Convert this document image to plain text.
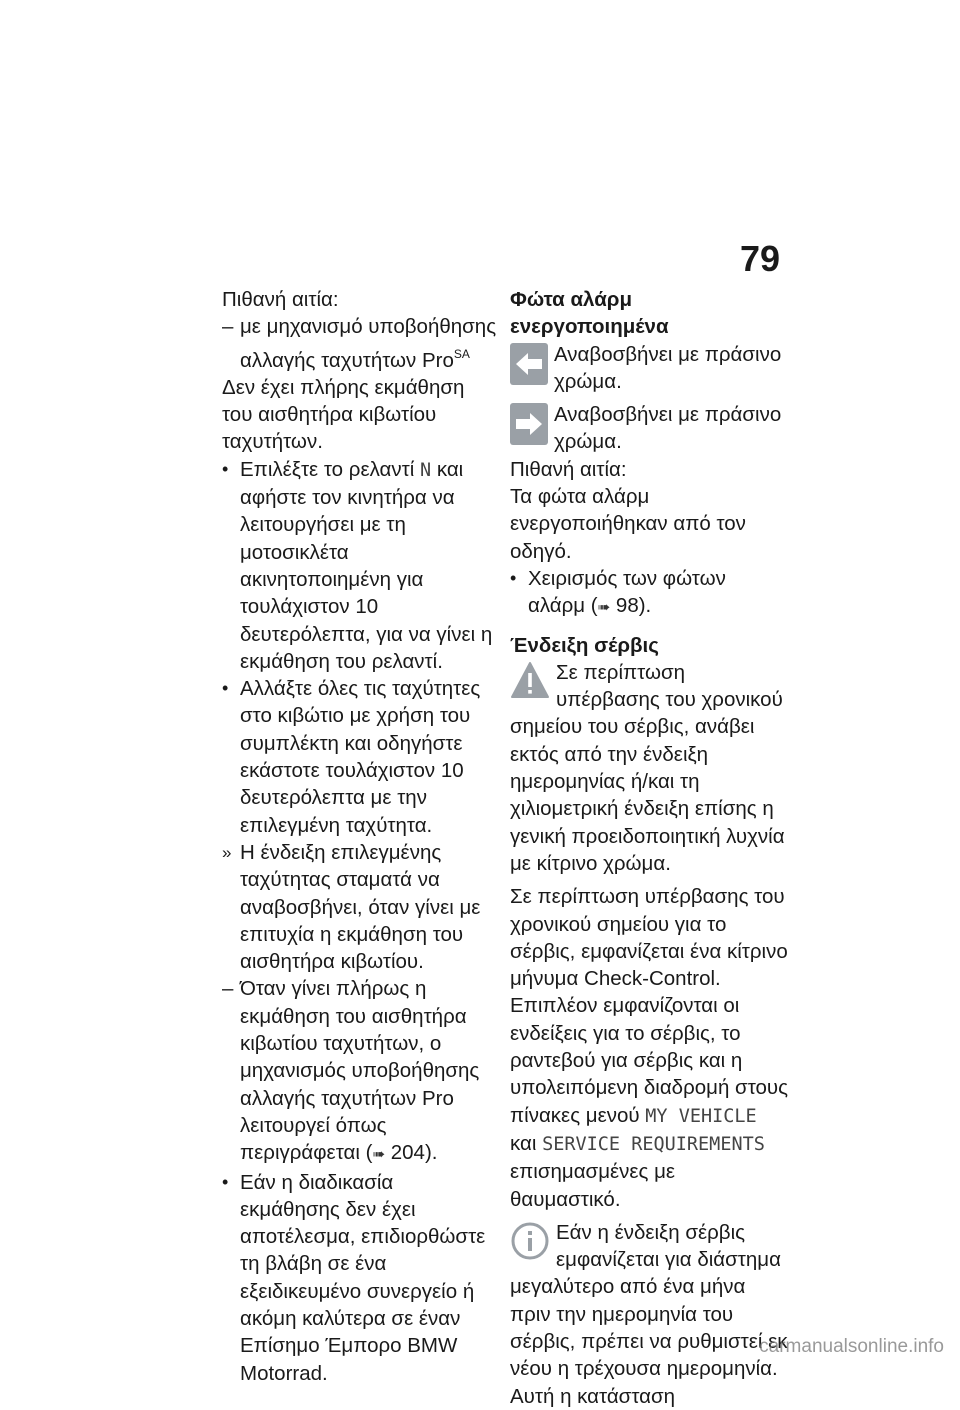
79

Πιθανή αιτία:

– με μηχανισμό υποβοήθησης αλλαγής ταχυτήτων Pro$^{SA}$

Δεν έχει πλήρης εκμάθηση του αισθητήρα κιβωτίου ταχυτήτων.

• Επιλέξτε το ρελαντί N και αφήστε τον κινητήρα να λειτουργήσει με τη μοτοσικλέτα ακινητοποιημένη για τουλάχιστον 10 δευτερόλεπτα, για να γίνει η εκμάθηση του ρελαντί.
• Αλλάξτε όλες τις ταχύτητες στο κιβώτιο με χρήση του συμπλέκτη και οδηγήστε εκάστοτε τουλάχιστον 10 δευτερόλεπτα με την επιλεγμένη ταχύτητα.
» Η ένδειξη επιλεγμένης ταχύτητας σταματά να αναβοσβήνει, όταν γίνει με επιτυχία η εκμάθηση του αισθητήρα κιβωτίου.
– Όταν γίνει πλήρως η εκμάθηση του αισθητήρα κιβωτίου ταχυτήτων, ο μηχανισμός υποβοήθησης αλλαγής ταχυτήτων Pro λειτουργεί όπως περιγράφεται (➠ 204).
• Εάν η διαδικασία εκμάθησης δεν έχει αποτέλεσμα, επιδιορθώστε τη βλάβη σε ένα εξειδικευμένο συνεργείο ή ακόμη καλύτερα σε έναν Επίσημο Έμπορο BMW Motorrad.

Φώτα αλάρμ ενεργοποιημένα

Αναβοσβήνει με πράσινο χρώμα.
Αναβοσβήνει με πράσινο χρώμα.

Πιθανή αιτία:

Τα φώτα αλάρμ ενεργοποιήθηκαν από τον οδηγό.

• Χειρισμός των φώτων αλάρμ (➠ 98).

Ένδειξη σέρβις

Σε περίπτωση υπέρβασης του χρονικού σημείου του σέρβις, ανάβει εκτός από την ένδειξη ημερομηνίας ή/και τη χιλιομετρική ένδειξη επίσης η γενική προειδοποιητική λυχνία με κίτρινο χρώμα.

Σε περίπτωση υπέρβασης του χρονικού σημείου για το σέρβις, εμφανίζεται ένα κίτρινο μήνυμα Check-Control. Επιπλέον εμφανίζονται οι ενδείξεις για το σέρβις, το ραντεβού για σέρβις και η υπολειπόμενη διαδρομή στους πίνακες μενού MY VEHICLE και SERVICE REQUIREMENTS επισημασμένες με θαυμαστικό.

Εάν η ένδειξη σέρβις εμφανίζεται για διάστημα μεγαλύτερο από ένα μήνα πριν την ημερομηνία του σέρβις, πρέπει να ρυθμιστεί εκ νέου η τρέχουσα ημερομηνία. Αυτή η κατάσταση
carmanualsonline.info
